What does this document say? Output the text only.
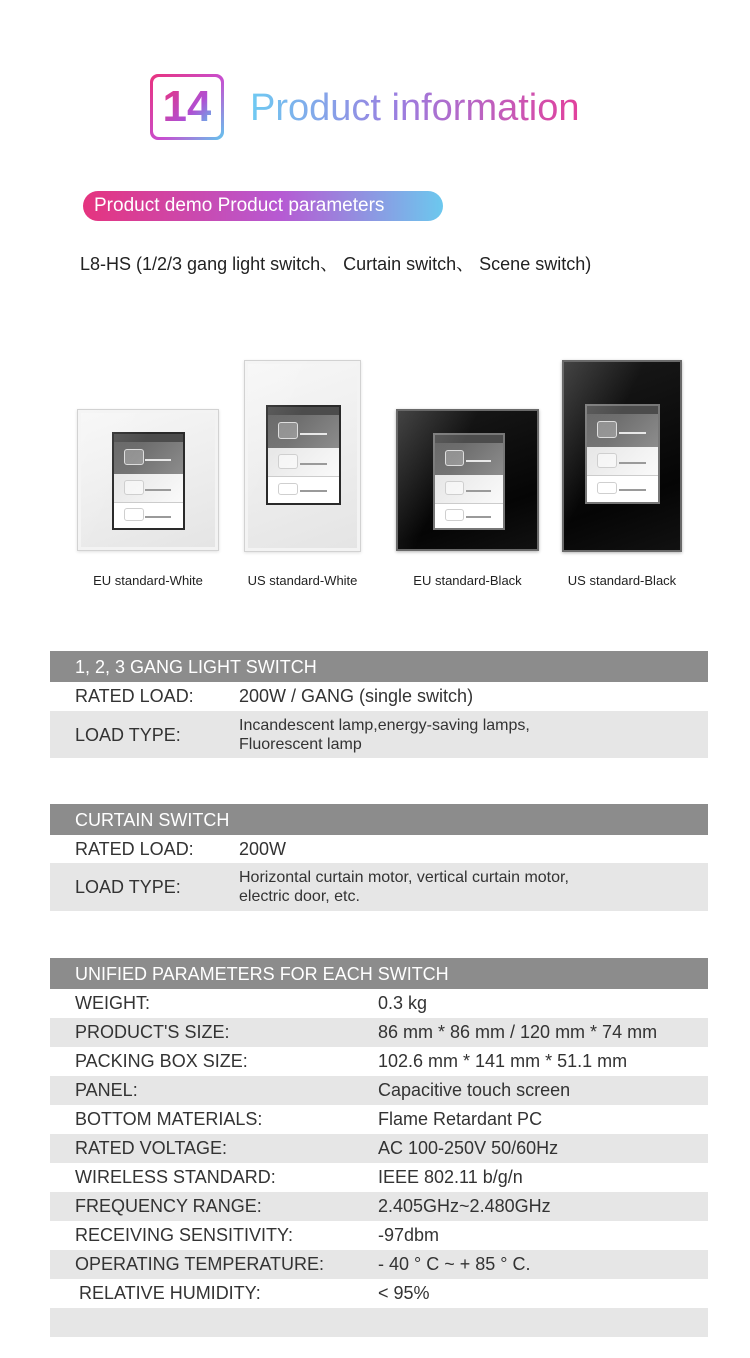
14 Product information
Product demo Product parameters
L8-HS (1/2/3 gang light switch、 Curtain switch、 Scene switch)
EU standard-White	US standard-White	EU standard-Black	US standard-Black
1, 2, 3 GANG LIGHT SWITCH
RATED LOAD:	200W / GANG (single switch)
LOAD TYPE:	Incandescent lamp,energy-saving lamps,
Fluorescent lamp
CURTAIN SWITCH
RATED LOAD:	200W
LOAD TYPE:	Horizontal curtain motor, vertical curtain motor,
electric door, etc.
UNIFIED PARAMETERS FOR EACH SWITCH
WEIGHT:	0.3 kg
PRODUCT'S SIZE:	86 mm * 86 mm / 120 mm * 74 mm
PACKING BOX SIZE:	102.6 mm * 141 mm * 51.1 mm
PANEL:	Capacitive touch screen
BOTTOM MATERIALS:	Flame Retardant PC
RATED VOLTAGE:	AC 100-250V 50/60Hz
WIRELESS STANDARD:	IEEE 802.11 b/g/n
FREQUENCY RANGE:	2.405GHz~2.480GHz
RECEIVING SENSITIVITY:	-97dbm
OPERATING TEMPERATURE:	- 40 ° C ~ + 85 ° C.
RELATIVE HUMIDITY:	< 95%
